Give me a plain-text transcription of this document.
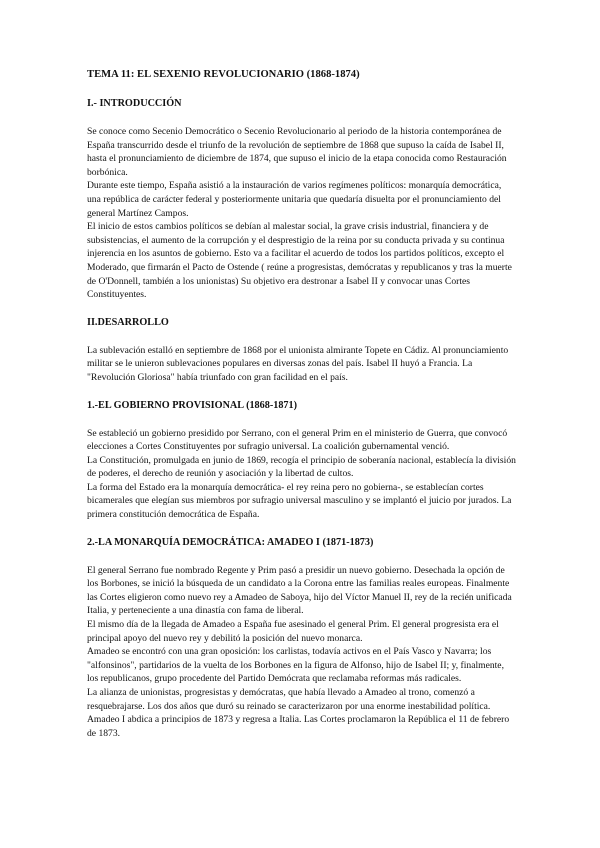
TEMA 11: EL SEXENIO REVOLUCIONARIO (1868-1874)
I.- INTRODUCCIÓN

Se conoce como Secenio Democrático o Secenio Revolucionario al periodo de la historia contemporánea de España transcurrido desde el triunfo de la revolución de septiembre de 1868 que supuso la caída de Isabel II, hasta el pronunciamiento de diciembre de 1874, que supuso el inicio de la etapa conocida como Restauración borbónica.

Durante este tiempo, España asistió a la instauración de varios regímenes políticos: monarquía democrática, una república de carácter federal y posteriormente unitaria que quedaría disuelta por el pronunciamiento del general Martínez Campos.

El inicio de estos cambios políticos se debían al malestar social, la grave crisis industrial, financiera y de subsistencias, el aumento de la corrupción y el desprestigio de la reina por su conducta privada y su continua injerencia en los asuntos de gobierno. Esto va a facilitar el acuerdo de todos los partidos políticos, excepto el Moderado, que firmarán el Pacto de Ostende ( reúne a progresistas, demócratas y republicanos y tras la muerte de O'Donnell, también a los unionistas) Su objetivo era destronar a Isabel II y convocar unas Cortes Constituyentes.

II.DESARROLLO

La sublevación estalló en septiembre de 1868 por el unionista almirante Topete en Cádiz. Al pronunciamiento militar se le unieron sublevaciones populares en diversas zonas del país. Isabel II huyó a Francia. La "Revolución Gloriosa" había triunfado con gran facilidad en el país.

1.-EL GOBIERNO PROVISIONAL (1868-1871)

Se estableció un gobierno presidido por Serrano, con el general Prim en el ministerio de Guerra, que convocó elecciones a Cortes Constituyentes por sufragio universal. La coalición gubernamental venció.

La Constitución, promulgada en junio de 1869, recogía el principio de soberanía nacional, establecía la división de poderes, el derecho de reunión y asociación y la libertad de cultos.

La forma del Estado era la monarquía democrática- el rey reina pero no gobierna-, se establecían cortes bicamerales que elegían sus miembros por sufragio universal masculino y se implantó el juicio por jurados. La primera constitución democrática de España.

2.-LA MONARQUÍA DEMOCRÁTICA: AMADEO I (1871-1873)

El general Serrano fue nombrado Regente y Prim pasó a presidir un nuevo gobierno. Desechada la opción de los Borbones, se inició la búsqueda de un candidato a la Corona entre las familias reales europeas. Finalmente las Cortes eligieron como nuevo rey a Amadeo de Saboya, hijo del Víctor Manuel II, rey de la recién unificada Italia, y perteneciente a una dinastía con fama de liberal.

El mismo día de la llegada de Amadeo a España fue asesinado el general Prim. El general progresista era el principal apoyo del nuevo rey y debilitó la posición del nuevo monarca.

Amadeo se encontró con una gran oposición: los carlistas, todavía activos en el País Vasco y Navarra; los "alfonsinos", partidarios de la vuelta de los Borbones en la figura de Alfonso, hijo de Isabel II; y, finalmente, los republicanos, grupo procedente del Partido Demócrata que reclamaba reformas más radicales.

La alianza de unionistas, progresistas y demócratas, que había llevado a Amadeo al trono, comenzó a resquebrajarse. Los dos años que duró su reinado se caracterizaron por una enorme inestabilidad política. Amadeo I abdica a principios de 1873 y regresa a Italia. Las Cortes proclamaron la República el 11 de febrero de 1873.
